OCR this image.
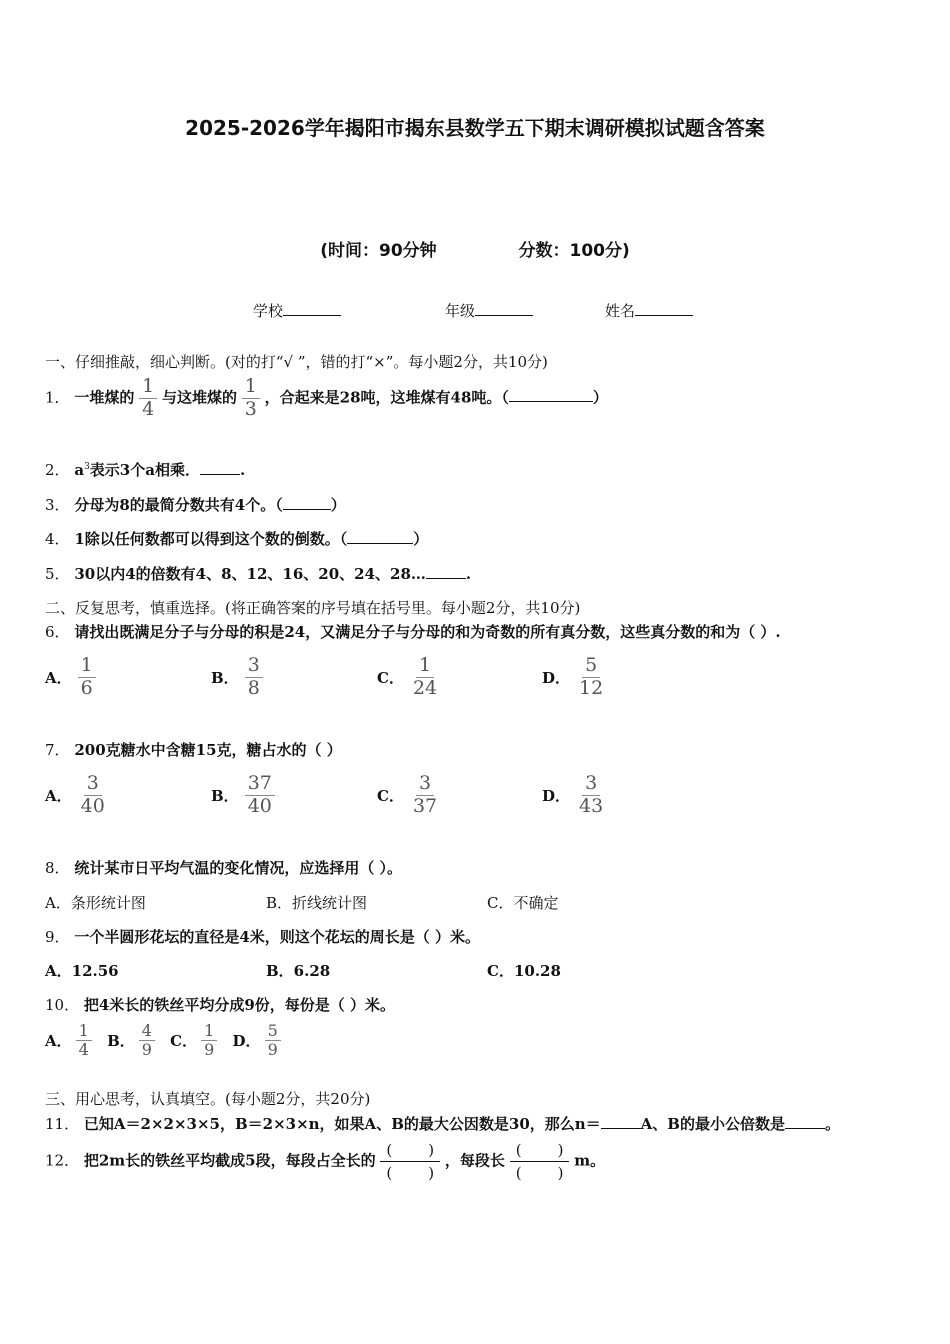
2025-2026学年揭阳市揭东县数学五下期末调研模拟试题含答案
(时间：90分钟	分数：100分)
学校	年级	姓名
一、仔细推敲，细心判断。(对的打“√ ”，错的打“×”。每小题2分，共10分)
1． 一堆煤的 $\frac{1}{4}$ 与这堆煤的 $\frac{1}{3}$ ，合起来是28吨，这堆煤有48吨。（	）
2． $a^3$表示3个a相乘．	.
3． 分母为8的最简分数共有4个。（	）
4． 1除以任何数都可以得到这个数的倒数。（	）
5． 30以内4的倍数有4、8、12、16、20、24、28…	.
二、反复思考，慎重选择。(将正确答案的序号填在括号里。每小题2分，共10分)
6． 请找出既满足分子与分母的积是24，又满足分子与分母的和为奇数的所有真分数，这些真分数的和为（ ）.
A． $\frac{1}{6}$	B． $\frac{3}{8}$	C． $\frac{1}{24}$	D． $\frac{5}{12}$
7． 200克糖水中含糖15克，糖占水的（ ）
A． $\frac{3}{40}$	B． $\frac{37}{40}$	C． $\frac{3}{37}$	D． $\frac{3}{43}$
8． 统计某市日平均气温的变化情况，应选择用（ ）。
A．条形统计图	B．折线统计图	C．不确定
9． 一个半圆形花坛的直径是4米，则这个花坛的周长是（ ）米。
A．12.56	B．6.28	C．10.28
10． 把4米长的铁丝平均分成9份，每份是（ ）米。
A． $\frac{1}{4}$ B． $\frac{4}{9}$ C． $\frac{1}{9}$ D． $\frac{5}{9}$
三、用心思考，认真填空。(每小题2分，共20分)
11． 已知A＝2×2×3×5，B＝2×3×n，如果A、B的最大公因数是30，那么n＝	A、B的最小公倍数是	。
12． 把2m长的铁丝平均截成5段，每段占全长的 $\frac{( )}{( )}$ ，每段长 $\frac{( )}{( )}$ m。
